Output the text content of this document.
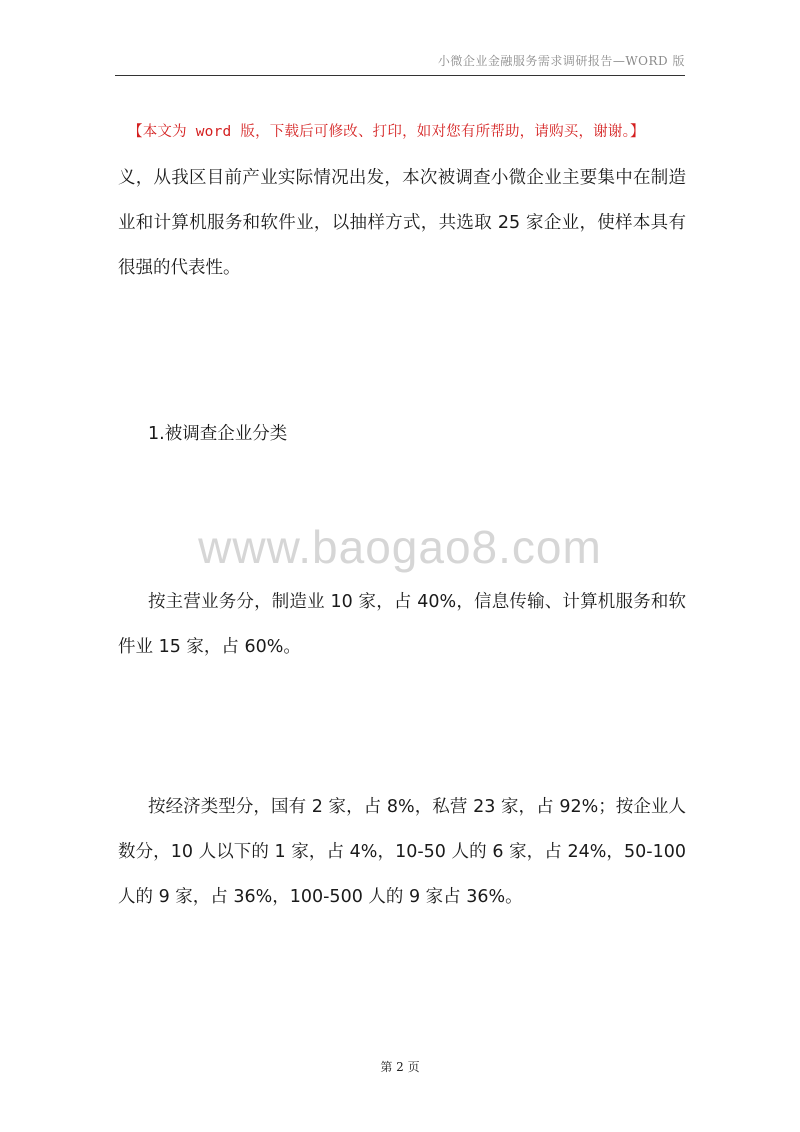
小微企业金融服务需求调研报告—WORD 版
【本文为 word 版，下载后可修改、打印，如对您有所帮助，请购买，谢谢。】
义，从我区目前产业实际情况出发，本次被调查小微企业主要集中在制造业和计算机服务和软件业，以抽样方式，共选取 25 家企业，使样本具有很强的代表性。
1.被调查企业分类
www.baogao8.com
按主营业务分，制造业 10 家，占 40%，信息传输、计算机服务和软件业 15 家，占 60%。
按经济类型分，国有 2 家，占 8%，私营 23 家，占 92%；按企业人数分，10 人以下的 1 家，占 4%，10-50 人的 6 家，占 24%，50-100 人的 9 家，占 36%，100-500 人的 9 家占 36%。
第 2 页
